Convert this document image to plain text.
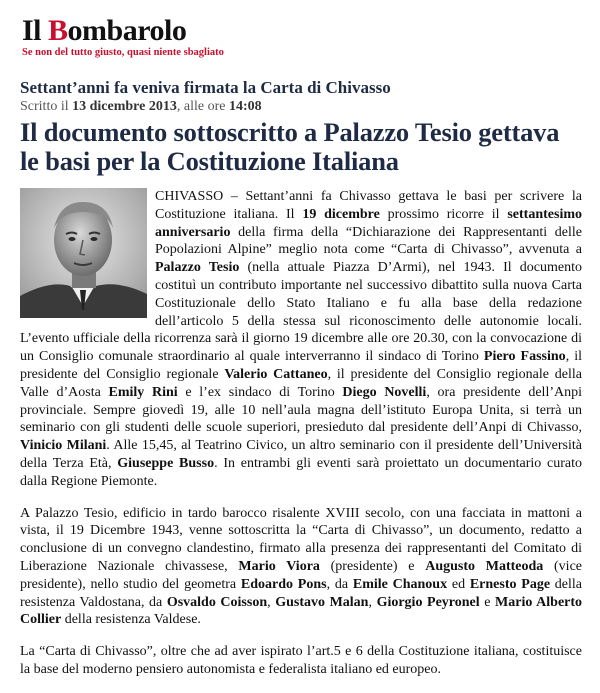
Il Bombarolo
Se non del tutto giusto, quasi niente sbagliato
Settant’anni fa veniva firmata la Carta di Chivasso
Scritto il 13 dicembre 2013, alle ore 14:08
Il documento sottoscritto a Palazzo Tesio gettava le basi per la Costituzione Italiana

CHIVASSO – Settant’anni fa Chivasso gettava le basi per scrivere la Costituzione italiana. Il 19 dicembre prossimo ricorre il settantesimo anniversario della firma della “Dichiarazione dei Rappresentanti delle Popolazioni Alpine” meglio nota come “Carta di Chivasso”, avvenuta a Palazzo Tesio (nella attuale Piazza D’Armi), nel 1943. Il documento costituì un contributo importante nel successivo dibattito sulla nuova Carta Costituzionale dello Stato Italiano e fu alla base della redazione dell’articolo 5 della stessa sul riconoscimento delle autonomie locali. L’evento ufficiale della ricorrenza sarà il giorno 19 dicembre alle ore 20.30, con la convocazione di un Consiglio comunale straordinario al quale interverranno il sindaco di Torino Piero Fassino, il presidente del Consiglio regionale Valerio Cattaneo, il presidente del Consiglio regionale della Valle d’Aosta Emily Rini e l’ex sindaco di Torino Diego Novelli, ora presidente dell’Anpi provinciale. Sempre giovedì 19, alle 10 nell’aula magna dell’istituto Europa Unita, si terrà un seminario con gli studenti delle scuole superiori, presieduto dal presidente dell’Anpi di Chivasso, Vinicio Milani. Alle 15,45, al Teatrino Civico, un altro seminario con il presidente dell’Università della Terza Età, Giuseppe Busso. In entrambi gli eventi sarà proiettato un documentario curato dalla Regione Piemonte.

A Palazzo Tesio, edificio in tardo barocco risalente XVIII secolo, con una facciata in mattoni a vista, il 19 Dicembre 1943, venne sottoscritta la “Carta di Chivasso”, un documento, redatto a conclusione di un convegno clandestino, firmato alla presenza dei rappresentanti del Comitato di Liberazione Nazionale chivassese, Mario Viora (presidente) e Augusto Matteoda (vice presidente), nello studio del geometra Edoardo Pons, da Emile Chanoux ed Ernesto Page della resistenza Valdostana, da Osvaldo Coisson, Gustavo Malan, Giorgio Peyronel e Mario Alberto Collier della resistenza Valdese.

La “Carta di Chivasso”, oltre che ad aver ispirato l’art.5 e 6 della Costituzione italiana, costituisce la base del moderno pensiero autonomista e federalista italiano ed europeo.
